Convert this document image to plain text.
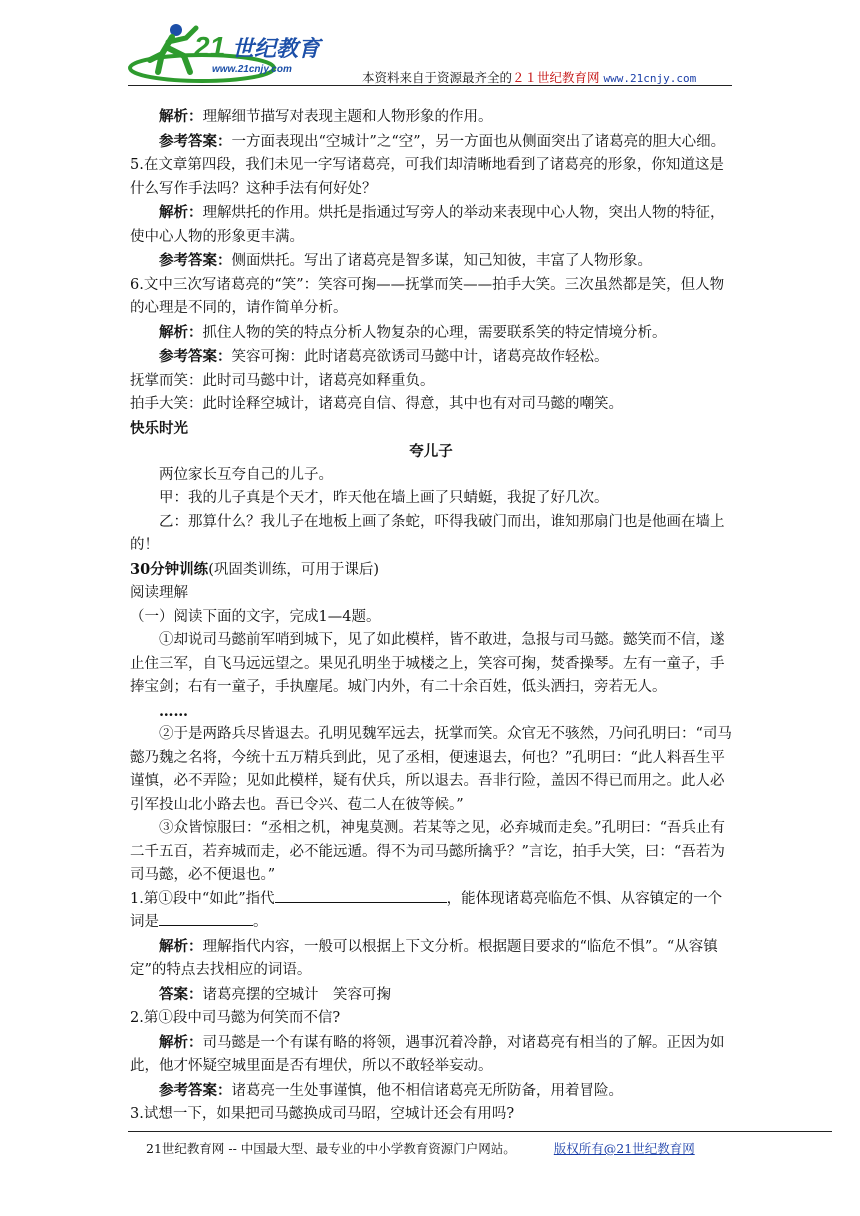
21 世纪教育
www.21cnjy.com
本资料来自于资源最齐全的２１世纪教育网 www.21cnjy.com

解析：理解细节描写对表现主题和人物形象的作用。

参考答案：一方面表现出“空城计”之“空”，另一方面也从侧面突出了诸葛亮的胆大心细。

5.在文章第四段，我们未见一字写诸葛亮，可我们却清晰地看到了诸葛亮的形象，你知道这是什么写作手法吗？这种手法有何好处？

解析：理解烘托的作用。烘托是指通过写旁人的举动来表现中心人物，突出人物的特征，使中心人物的形象更丰满。

参考答案：侧面烘托。写出了诸葛亮是智多谋，知己知彼，丰富了人物形象。

6.文中三次写诸葛亮的“笑”：笑容可掬——抚掌而笑——拍手大笑。三次虽然都是笑，但人物的心理是不同的，请作简单分析。

解析：抓住人物的笑的特点分析人物复杂的心理，需要联系笑的特定情境分析。

参考答案：笑容可掬：此时诸葛亮欲诱司马懿中计，诸葛亮故作轻松。

抚掌而笑：此时司马懿中计，诸葛亮如释重负。

拍手大笑：此时诠释空城计，诸葛亮自信、得意，其中也有对司马懿的嘲笑。

快乐时光

夸儿子

两位家长互夸自己的儿子。

甲：我的儿子真是个天才，昨天他在墙上画了只蜻蜓，我捉了好几次。

乙：那算什么？我儿子在地板上画了条蛇，吓得我破门而出，谁知那扇门也是他画在墙上的！

30分钟训练(巩固类训练，可用于课后)

阅读理解

（一）阅读下面的文字，完成1—4题。

①却说司马懿前军哨到城下，见了如此模样，皆不敢进，急报与司马懿。懿笑而不信，遂止住三军，自飞马远远望之。果见孔明坐于城楼之上，笑容可掬，焚香操琴。左有一童子，手捧宝剑；右有一童子，手执麈尾。城门内外，有二十余百姓，低头洒扫，旁若无人。

……

②于是两路兵尽皆退去。孔明见魏军远去，抚掌而笑。众官无不骇然，乃问孔明曰：“司马懿乃魏之名将，今统十五万精兵到此，见了丞相，便速退去，何也？”孔明曰：“此人料吾生平谨慎，必不弄险；见如此模样，疑有伏兵，所以退去。吾非行险，盖因不得已而用之。此人必引军投山北小路去也。吾已令兴、苞二人在彼等候。”

③众皆惊服曰：“丞相之机，神鬼莫测。若某等之见，必弃城而走矣。”孔明曰：“吾兵止有二千五百，若弃城而走，必不能远遁。得不为司马懿所擒乎？”言讫，拍手大笑，曰：“吾若为司马懿，必不便退也。”

1.第①段中“如此”指代	，能体现诸葛亮临危不惧、从容镇定的一个词是	。

解析：理解指代内容，一般可以根据上下文分析。根据题目要求的“临危不惧”。“从容镇定”的特点去找相应的词语。

答案：诸葛亮摆的空城计　笑容可掬

2.第①段中司马懿为何笑而不信?

解析：司马懿是一个有谋有略的将领，遇事沉着冷静，对诸葛亮有相当的了解。正因为如此，他才怀疑空城里面是否有埋伏，所以不敢轻举妄动。

参考答案：诸葛亮一生处事谨慎，他不相信诸葛亮无所防备，用着冒险。

3.试想一下，如果把司马懿换成司马昭，空城计还会有用吗?

21世纪教育网 -- 中国最大型、最专业的中小学教育资源门户网站。	版权所有@21世纪教育网
